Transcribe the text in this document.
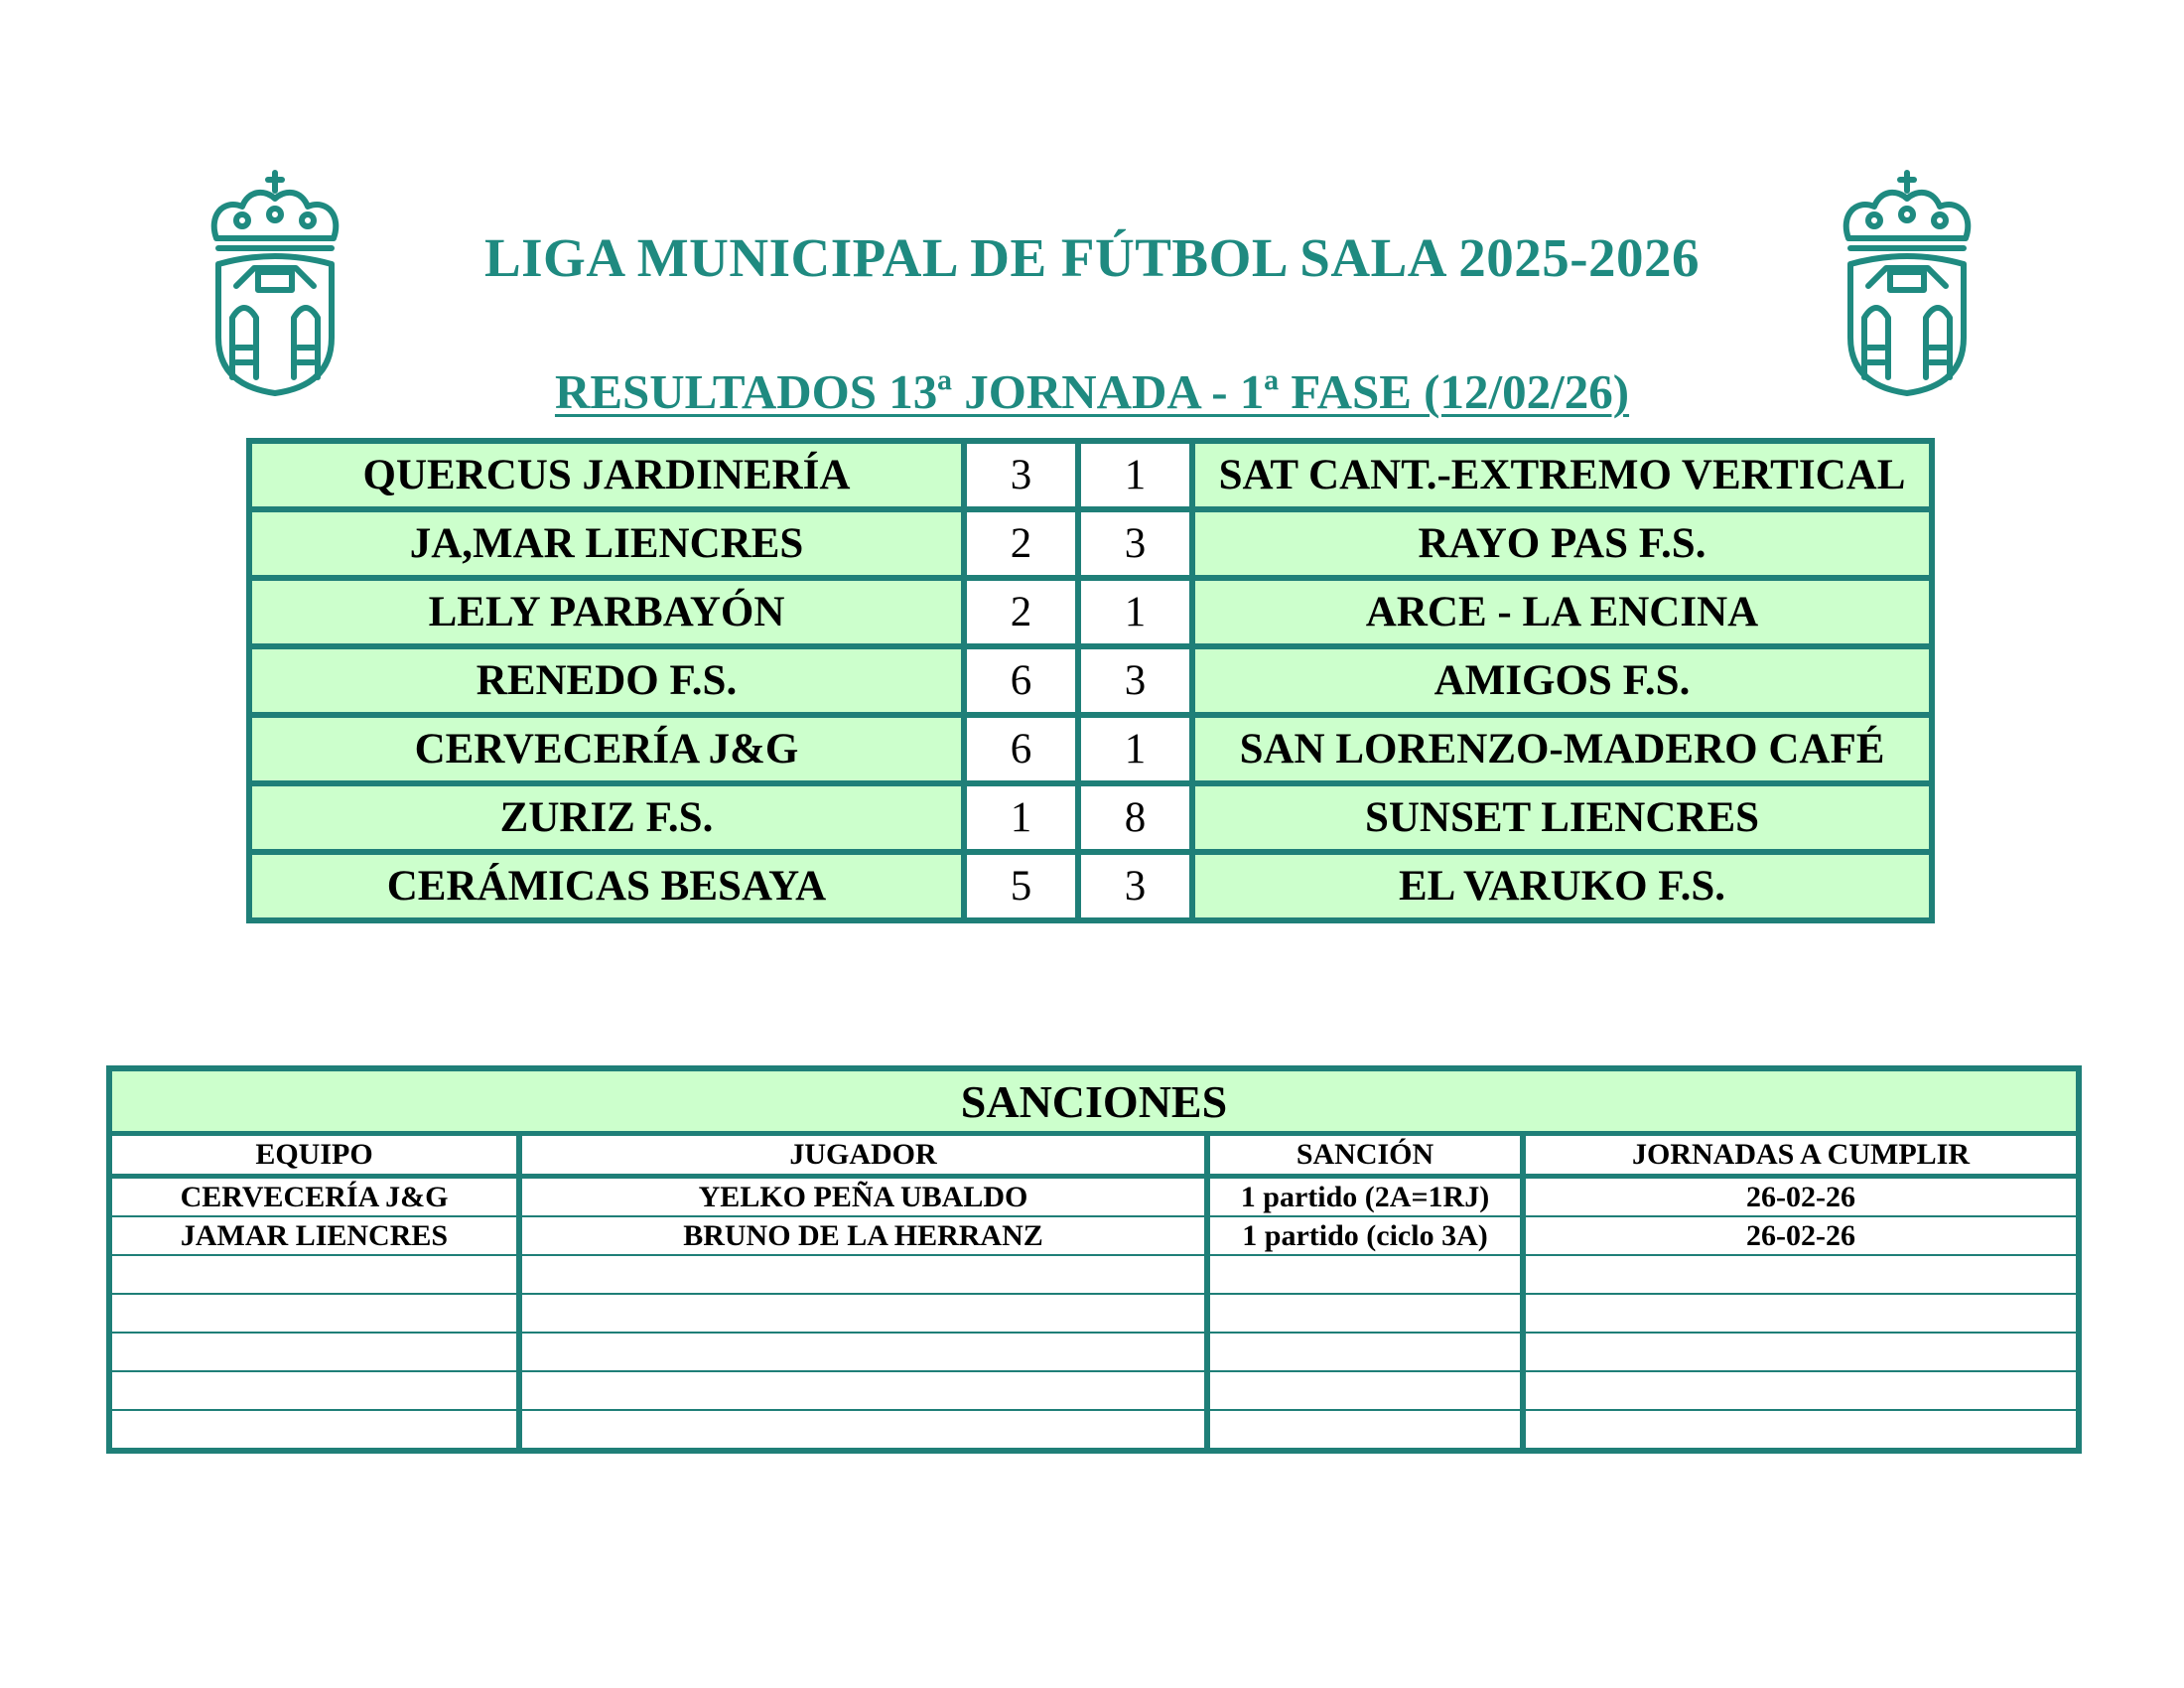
LIGA MUNICIPAL DE FÚTBOL SALA 2025-2026
RESULTADOS 13ª JORNADA - 1ª FASE (12/02/26)
QUERCUS JARDINERÍA	3	1	SAT CANT.-EXTREMO VERTICAL
JA,MAR LIENCRES	2	3	RAYO PAS F.S.
LELY PARBAYÓN	2	1	ARCE - LA ENCINA
RENEDO F.S.	6	3	AMIGOS F.S.
CERVECERÍA J&G	6	1	SAN LORENZO-MADERO CAFÉ
ZURIZ F.S.	1	8	SUNSET LIENCRES
CERÁMICAS BESAYA	5	3	EL VARUKO F.S.
SANCIONES			
EQUIPO	JUGADOR	SANCIÓN	JORNADAS A CUMPLIR
CERVECERÍA J&G	YELKO PEÑA UBALDO	1 partido (2A=1RJ)	26-02-26
JAMAR LIENCRES	BRUNO DE LA HERRANZ	1 partido (ciclo 3A)	26-02-26
